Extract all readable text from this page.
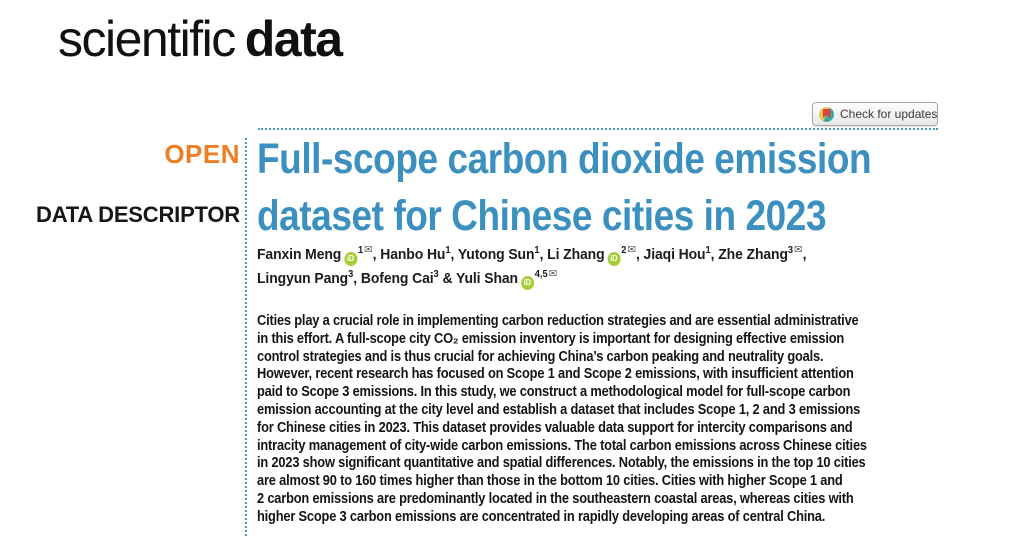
scientific data
Check for updates
OPEN
DATA DESCRIPTOR
Full-scope carbon dioxide emission
dataset for Chinese cities in 2023
Fanxin Meng $iD^{1✉}$, Hanbo Hu$^1$, Yutong Sun$^1$, Li Zhang $iD^{2✉}$, Jiaqi Hou$^1$, Zhe Zhang$^{3✉}$,
Lingyun Pang$^3$, Bofeng Cai$^3$ & Yuli Shan $iD^{4,5✉}$
Cities play a crucial role in implementing carbon reduction strategies and are essential administrative
in this effort. A full-scope city CO₂ emission inventory is important for designing effective emission
control strategies and is thus crucial for achieving China’s carbon peaking and neutrality goals.
However, recent research has focused on Scope 1 and Scope 2 emissions, with insufficient attention
paid to Scope 3 emissions. In this study, we construct a methodological model for full-scope carbon
emission accounting at the city level and establish a dataset that includes Scope 1, 2 and 3 emissions
for Chinese cities in 2023. This dataset provides valuable data support for intercity comparisons and
intracity management of city-wide carbon emissions. The total carbon emissions across Chinese cities
in 2023 show significant quantitative and spatial differences. Notably, the emissions in the top 10 cities
are almost 90 to 160 times higher than those in the bottom 10 cities. Cities with higher Scope 1 and
2 carbon emissions are predominantly located in the southeastern coastal areas, whereas cities with
higher Scope 3 carbon emissions are concentrated in rapidly developing areas of central China.
